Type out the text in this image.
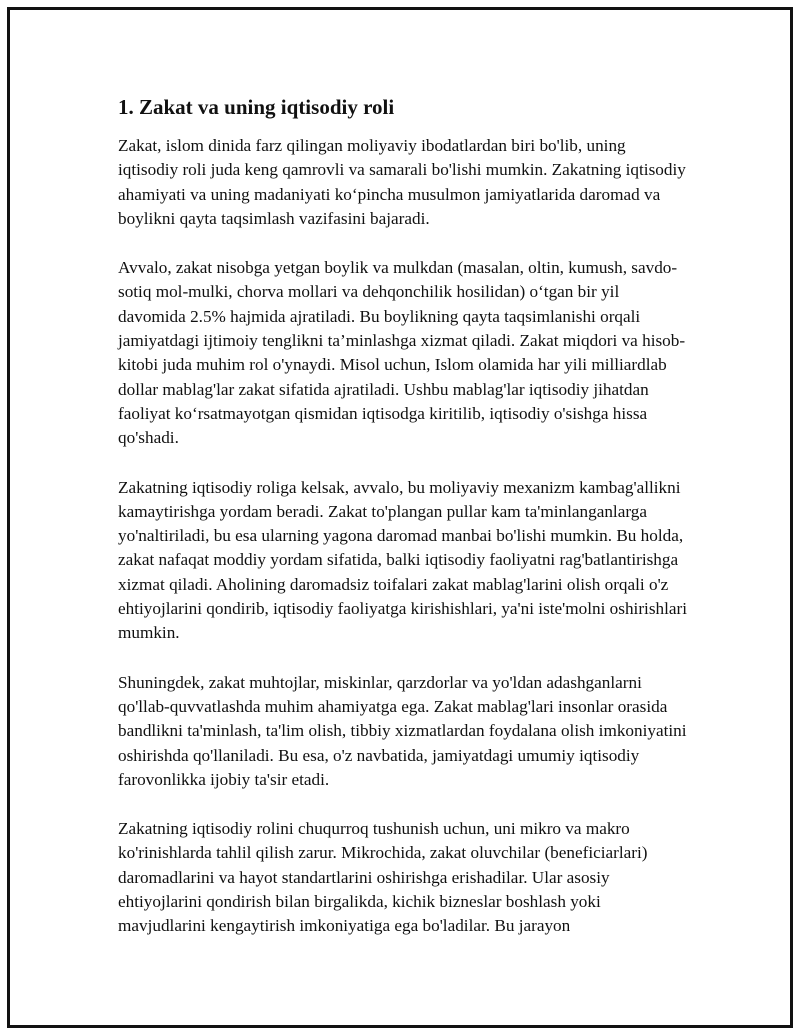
1. Zakat va uning iqtisodiy roli

Zakat, islom dinida farz qilingan moliyaviy ibodatlardan biri bo'lib, uning iqtisodiy roli juda keng qamrovli va samarali bo'lishi mumkin. Zakatning iqtisodiy ahamiyati va uning madaniyati ko‘pincha musulmon jamiyatlarida daromad va boylikni qayta taqsimlash vazifasini bajaradi.

Avvalo, zakat nisobga yetgan boylik va mulkdan (masalan, oltin, kumush, savdo-sotiq mol-mulki, chorva mollari va dehqonchilik hosilidan) o‘tgan bir yil davomida 2.5% hajmida ajratiladi. Bu boylikning qayta taqsimlanishi orqali jamiyatdagi ijtimoiy tenglikni ta’minlashga xizmat qiladi. Zakat miqdori va hisob-kitobi juda muhim rol o'ynaydi. Misol uchun, Islom olamida har yili milliardlab dollar mablag'lar zakat sifatida ajratiladi. Ushbu mablag'lar iqtisodiy jihatdan faoliyat ko‘rsatmayotgan qismidan iqtisodga kiritilib, iqtisodiy o'sishga hissa qo'shadi.

Zakatning iqtisodiy roliga kelsak, avvalo, bu moliyaviy mexanizm kambag'allikni kamaytirishga yordam beradi. Zakat to'plangan pullar kam ta'minlanganlarga yo'naltiriladi, bu esa ularning yagona daromad manbai bo'lishi mumkin. Bu holda, zakat nafaqat moddiy yordam sifatida, balki iqtisodiy faoliyatni rag'batlantirishga xizmat qiladi. Aholining daromadsiz toifalari zakat mablag'larini olish orqali o'z ehtiyojlarini qondirib, iqtisodiy faoliyatga kirishishlari, ya'ni iste'molni oshirishlari mumkin.

Shuningdek, zakat muhtojlar, miskinlar, qarzdorlar va yo'ldan adashganlarni qo'llab-quvvatlashda muhim ahamiyatga ega. Zakat mablag'lari insonlar orasida bandlikni ta'minlash, ta'lim olish, tibbiy xizmatlardan foydalana olish imkoniyatini oshirishda qo'llaniladi. Bu esa, o'z navbatida, jamiyatdagi umumiy iqtisodiy farovonlikka ijobiy ta'sir etadi.

Zakatning iqtisodiy rolini chuqurroq tushunish uchun, uni mikro va makro ko'rinishlarda tahlil qilish zarur. Mikrochida, zakat oluvchilar (beneficiarlari) daromadlarini va hayot standartlarini oshirishga erishadilar. Ular asosiy ehtiyojlarini qondirish bilan birgalikda, kichik bizneslar boshlash yoki mavjudlarini kengaytirish imkoniyatiga ega bo'ladilar. Bu jarayon
